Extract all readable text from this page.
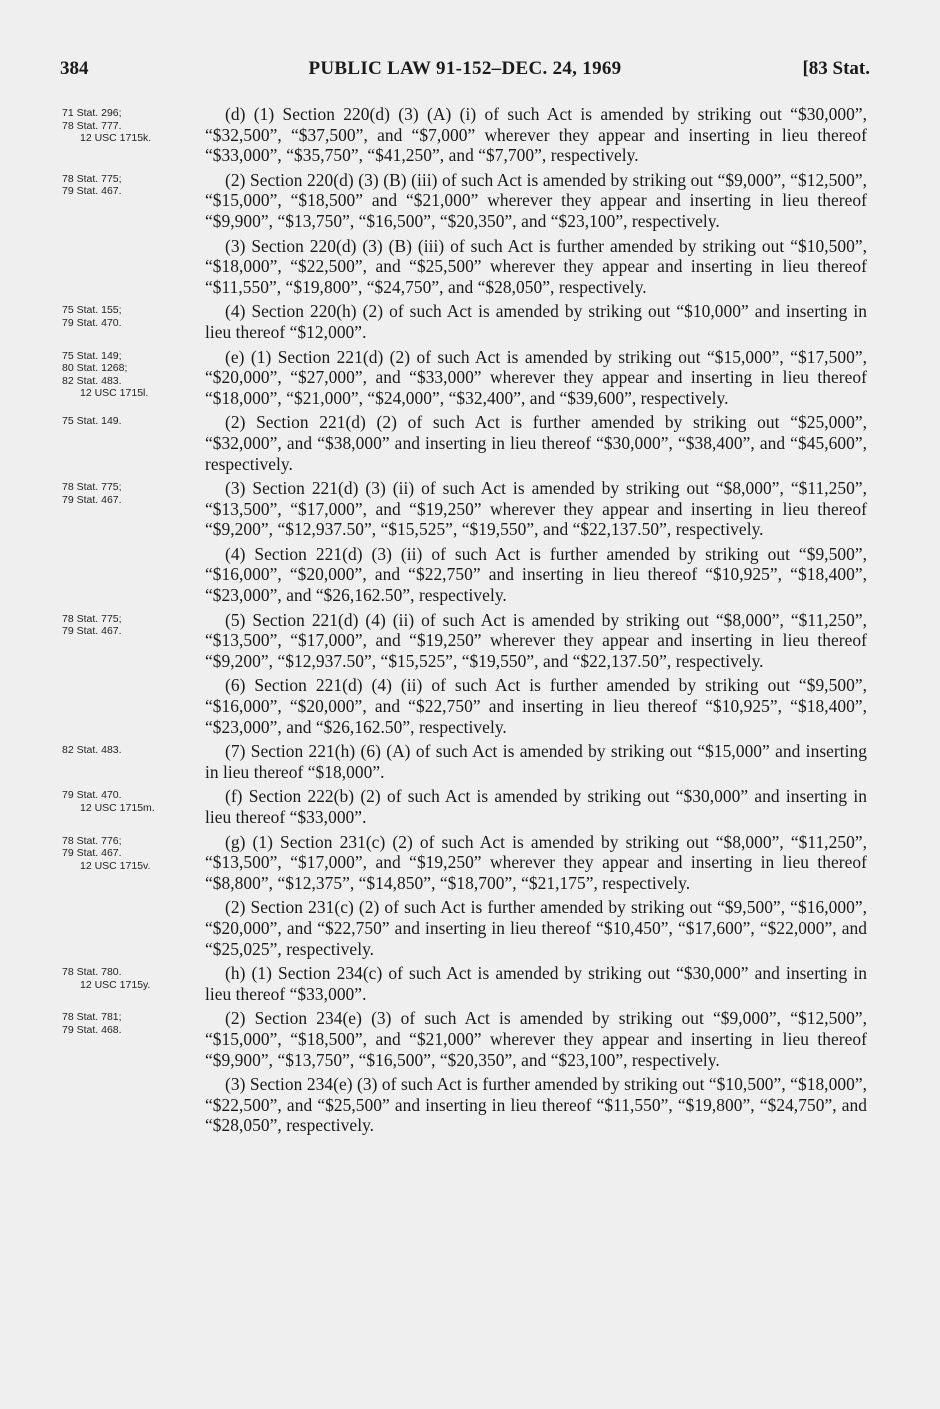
384	PUBLIC LAW 91-152–DEC. 24, 1969	[83 Stat.
71 Stat. 296;
78 Stat. 777.
12 USC 1715k.

(d) (1) Section 220(d) (3) (A) (i) of such Act is amended by striking out “$30,000”, “$32,500”, “$37,500”, and “$7,000” wherever they appear and inserting in lieu thereof “$33,000”, “$35,750”, “$41,250”, and “$7,700”, respectively.

78 Stat. 775;
79 Stat. 467.

(2) Section 220(d) (3) (B) (iii) of such Act is amended by striking out “$9,000”, “$12,500”, “$15,000”, “$18,500” and “$21,000” wherever they appear and inserting in lieu thereof “$9,900”, “$13,750”, “$16,500”, “$20,350”, and “$23,100”, respectively.

(3) Section 220(d) (3) (B) (iii) of such Act is further amended by striking out “$10,500”, “$18,000”, “$22,500”, and “$25,500” wherever they appear and inserting in lieu thereof “$11,550”, “$19,800”, “$24,750”, and “$28,050”, respectively.

75 Stat. 155;
79 Stat. 470.

(4) Section 220(h) (2) of such Act is amended by striking out “$10,000” and inserting in lieu thereof “$12,000”.

75 Stat. 149;
80 Stat. 1268;
82 Stat. 483.
12 USC 1715l.

(e) (1) Section 221(d) (2) of such Act is amended by striking out “$15,000”, “$17,500”, “$20,000”, “$27,000”, and “$33,000” wherever they appear and inserting in lieu thereof “$18,000”, “$21,000”, “$24,000”, “$32,400”, and “$39,600”, respectively.

75 Stat. 149.	(2) Section 221(d) (2) of such Act is further amended by striking out “$25,000”, “$32,000”, and “$38,000” and inserting in lieu thereof “$30,000”, “$38,400”, and “$45,600”, respectively.

78 Stat. 775;
79 Stat. 467.

(3) Section 221(d) (3) (ii) of such Act is amended by striking out “$8,000”, “$11,250”, “$13,500”, “$17,000”, and “$19,250” wherever they appear and inserting in lieu thereof “$9,200”, “$12,937.50”, “$15,525”, “$19,550”, and “$22,137.50”, respectively.

(4) Section 221(d) (3) (ii) of such Act is further amended by striking out “$9,500”, “$16,000”, “$20,000”, and “$22,750” and inserting in lieu thereof “$10,925”, “$18,400”, “$23,000”, and “$26,162.50”, respectively.

78 Stat. 775;
79 Stat. 467.

(5) Section 221(d) (4) (ii) of such Act is amended by striking out “$8,000”, “$11,250”, “$13,500”, “$17,000”, and “$19,250” wherever they appear and inserting in lieu thereof “$9,200”, “$12,937.50”, “$15,525”, “$19,550”, and “$22,137.50”, respectively.

(6) Section 221(d) (4) (ii) of such Act is further amended by striking out “$9,500”, “$16,000”, “$20,000”, and “$22,750” and inserting in lieu thereof “$10,925”, “$18,400”, “$23,000”, and “$26,162.50”, respectively.

82 Stat. 483.	(7) Section 221(h) (6) (A) of such Act is amended by striking out “$15,000” and inserting in lieu thereof “$18,000”.

79 Stat. 470.
12 USC 1715m.

(f) Section 222(b) (2) of such Act is amended by striking out “$30,000” and inserting in lieu thereof “$33,000”.

78 Stat. 776;
79 Stat. 467.
12 USC 1715v.

(g) (1) Section 231(c) (2) of such Act is amended by striking out “$8,000”, “$11,250”, “$13,500”, “$17,000”, and “$19,250” wherever they appear and inserting in lieu thereof “$8,800”, “$12,375”, “$14,850”, “$18,700”, “$21,175”, respectively.

(2) Section 231(c) (2) of such Act is further amended by striking out “$9,500”, “$16,000”, “$20,000”, and “$22,750” and inserting in lieu thereof “$10,450”, “$17,600”, “$22,000”, and “$25,025”, respectively.

78 Stat. 780.
12 USC 1715y.

(h) (1) Section 234(c) of such Act is amended by striking out “$30,000” and inserting in lieu thereof “$33,000”.

78 Stat. 781;
79 Stat. 468.

(2) Section 234(e) (3) of such Act is amended by striking out “$9,000”, “$12,500”, “$15,000”, “$18,500”, and “$21,000” wherever they appear and inserting in lieu thereof “$9,900”, “$13,750”, “$16,500”, “$20,350”, and “$23,100”, respectively.

(3) Section 234(e) (3) of such Act is further amended by striking out “$10,500”, “$18,000”, “$22,500”, and “$25,500” and inserting in lieu thereof “$11,550”, “$19,800”, “$24,750”, and “$28,050”, respectively.
